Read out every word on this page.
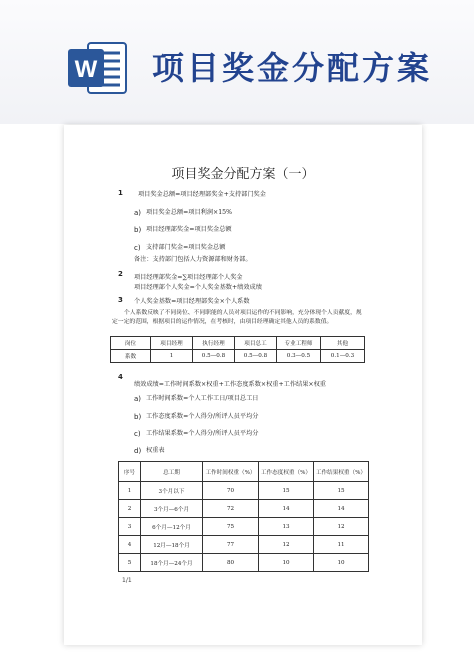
W 项目奖金分配方案
项目奖金分配方案（一）
1 项目奖金总额=项目经理部奖金+支持部门奖金
a) 项目奖金总额=项目利润×15%
b) 项目经理部奖金=项目奖金总额
c) 支持部门奖金=项目奖金总额
备注：支持部门包括人力资源部和财务部。
2 项目经理部奖金=∑项目经理部个人奖金
项目经理部个人奖金=个人奖金基数+绩效成绩
3 个人奖金基数=项目经理部奖金×个人系数
个人系数反映了不同岗位、不同职能的人员对项目运作的不同影响，充分体现个人贡献度，规定一定的范围，根据项目的运作情况，在考核时，由项目经理确定其他人员的系数值。
岗位	项目经理	执行经理	项目总工	专业工程师	其他
系数	1	0.5—0.8	0.5—0.8	0.3—0.5	0.1—0.3
4
绩效成绩=工作时间系数×权重+工作态度系数×权重+工作结果×权重
a) 工作时间系数=个人工作工日/项目总工日
b) 工作态度系数=个人得分/所评人员平均分
c) 工作结果系数=个人得分/所评人员平均分
d) 权重表
序号	总工期	工作时间权重（%）	工作态度权重（%）	工作结果权重（%）
1	3个月以下	70	15	15
2	3个月—6个月	72	14	14
3	6个月—12个月	75	13	12
4	12月—18个月	77	12	11
5	18个月—24个月	80	10	10
1/1
